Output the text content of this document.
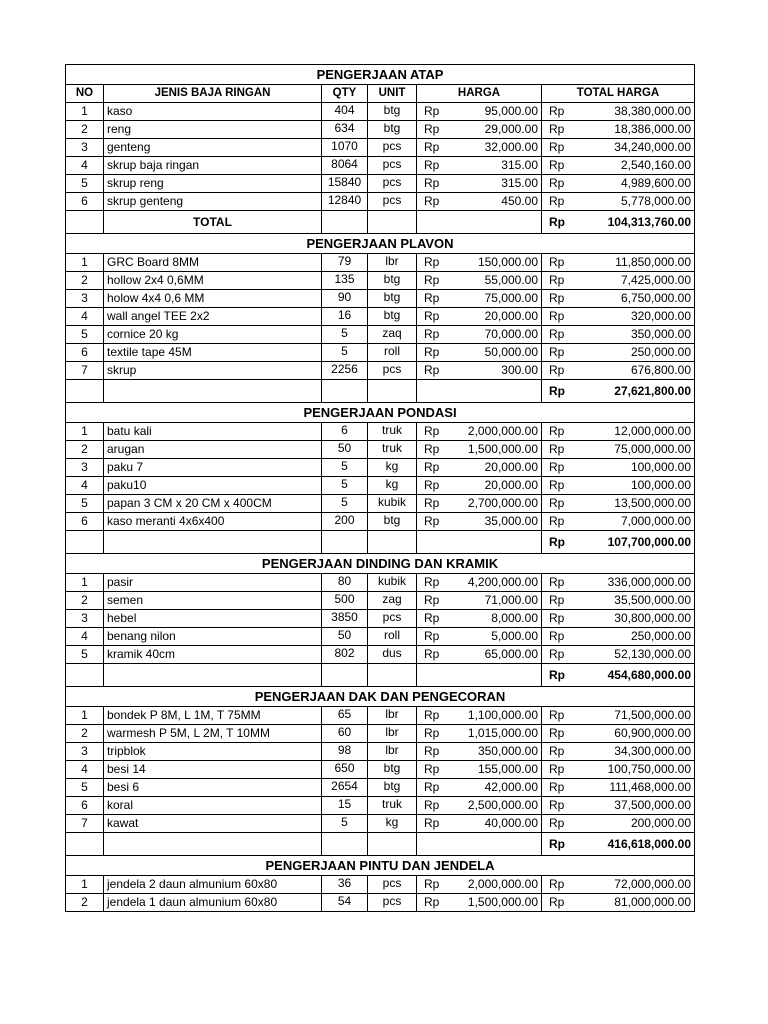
PENGERJAAN ATAP							
NO	JENIS BAJA RINGAN	QTY	UNIT	HARGA		TOTAL HARGA	
1	kaso	404	btg	Rp	95,000.00	Rp	38,380,000.00
2	reng	634	btg	Rp	29,000.00	Rp	18,386,000.00
3	genteng	1070	pcs	Rp	32,000.00	Rp	34,240,000.00
4	skrup baja ringan	8064	pcs	Rp	315.00	Rp	2,540,160.00
5	skrup reng	15840	pcs	Rp	315.00	Rp	4,989,600.00
6	skrup genteng	12840	pcs	Rp	450.00	Rp	5,778,000.00
	TOTAL					Rp	104,313,760.00
PENGERJAAN PLAVON							
1	GRC Board 8MM	79	lbr	Rp	150,000.00	Rp	11,850,000.00
2	hollow 2x4 0,6MM	135	btg	Rp	55,000.00	Rp	7,425,000.00
3	holow 4x4 0,6 MM	90	btg	Rp	75,000.00	Rp	6,750,000.00
4	wall angel TEE 2x2	16	btg	Rp	20,000.00	Rp	320,000.00
5	cornice 20 kg	5	zaq	Rp	70,000.00	Rp	350,000.00
6	textile tape 45M	5	roll	Rp	50,000.00	Rp	250,000.00
7	skrup	2256	pcs	Rp	300.00	Rp	676,800.00
						Rp	27,621,800.00
PENGERJAAN PONDASI							
1	batu kali	6	truk	Rp	2,000,000.00	Rp	12,000,000.00
2	arugan	50	truk	Rp	1,500,000.00	Rp	75,000,000.00
3	paku 7	5	kg	Rp	20,000.00	Rp	100,000.00
4	paku10	5	kg	Rp	20,000.00	Rp	100,000.00
5	papan 3 CM x 20 CM x 400CM	5	kubik	Rp	2,700,000.00	Rp	13,500,000.00
6	kaso meranti 4x6x400	200	btg	Rp	35,000.00	Rp	7,000,000.00
						Rp	107,700,000.00
PENGERJAAN DINDING DAN KRAMIK							
1	pasir	80	kubik	Rp	4,200,000.00	Rp	336,000,000.00
2	semen	500	zag	Rp	71,000.00	Rp	35,500,000.00
3	hebel	3850	pcs	Rp	8,000.00	Rp	30,800,000.00
4	benang nilon	50	roll	Rp	5,000.00	Rp	250,000.00
5	kramik 40cm	802	dus	Rp	65,000.00	Rp	52,130,000.00
						Rp	454,680,000.00
PENGERJAAN DAK DAN PENGECORAN							
1	bondek P 8M, L 1M, T 75MM	65	lbr	Rp	1,100,000.00	Rp	71,500,000.00
2	warmesh P 5M, L 2M, T 10MM	60	lbr	Rp	1,015,000.00	Rp	60,900,000.00
3	tripblok	98	lbr	Rp	350,000.00	Rp	34,300,000.00
4	besi 14	650	btg	Rp	155,000.00	Rp	100,750,000.00
5	besi 6	2654	btg	Rp	42,000.00	Rp	111,468,000.00
6	koral	15	truk	Rp	2,500,000.00	Rp	37,500,000.00
7	kawat	5	kg	Rp	40,000.00	Rp	200,000.00
						Rp	416,618,000.00
PENGERJAAN PINTU DAN JENDELA							
1	jendela 2 daun almunium 60x80	36	pcs	Rp	2,000,000.00	Rp	72,000,000.00
2	jendela 1 daun almunium 60x80	54	pcs	Rp	1,500,000.00	Rp	81,000,000.00
